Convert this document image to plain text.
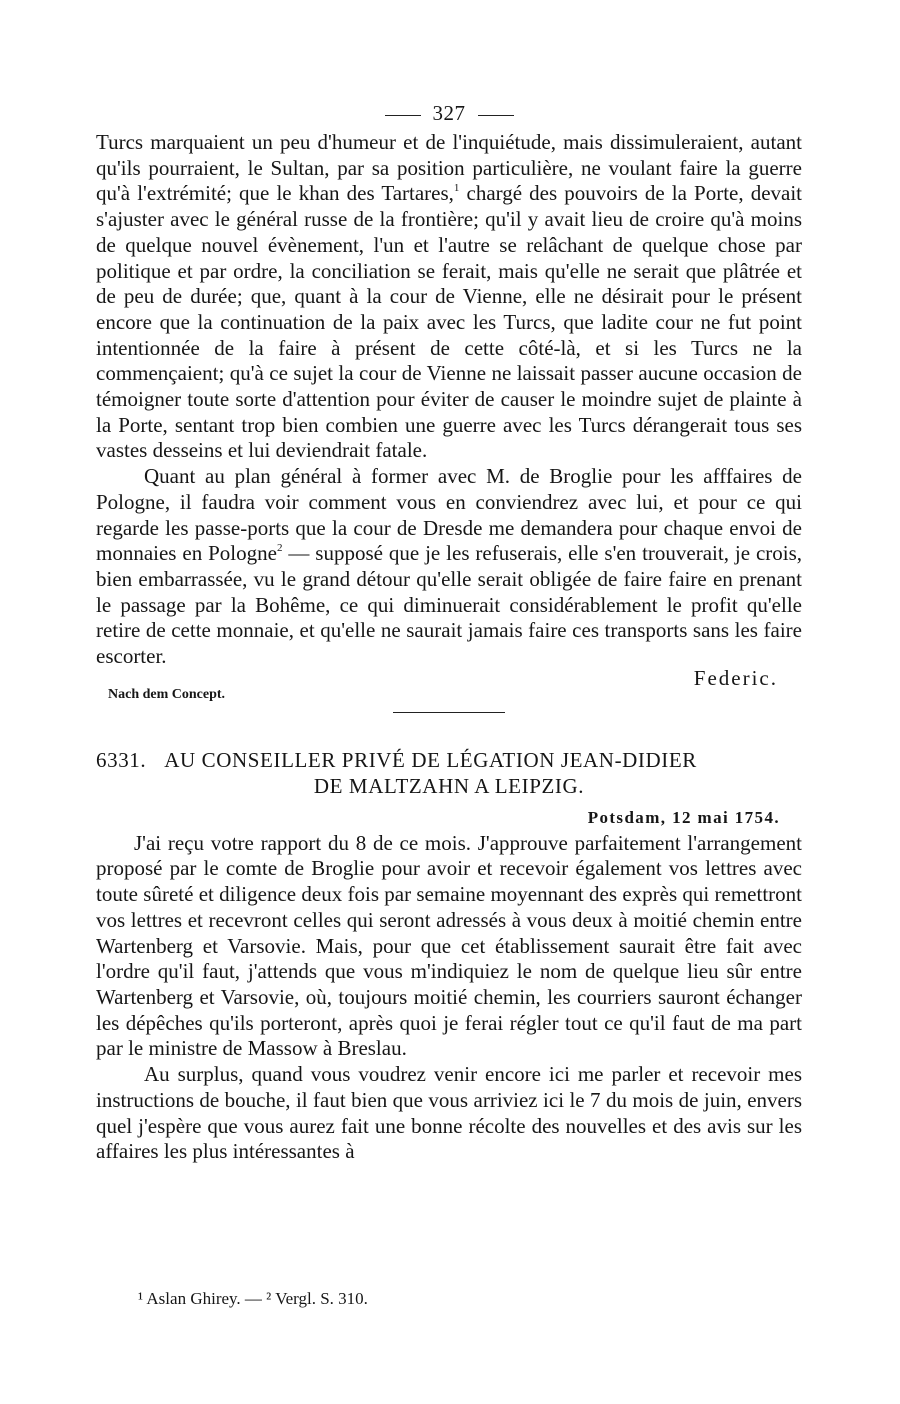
327

Turcs marquaient un peu d'humeur et de l'inquiétude, mais dissimuleraient, autant qu'ils pourraient, le Sultan, par sa position particulière, ne voulant faire la guerre qu'à l'extrémité; que le khan des Tartares,$^1$ chargé des pouvoirs de la Porte, devait s'ajuster avec le général russe de la frontière; qu'il y avait lieu de croire qu'à moins de quelque nouvel évènement, l'un et l'autre se relâchant de quelque chose par politique et par ordre, la conciliation se ferait, mais qu'elle ne serait que plâtrée et de peu de durée; que, quant à la cour de Vienne, elle ne désirait pour le présent encore que la continuation de la paix avec les Turcs, que ladite cour ne fut point intentionnée de la faire à présent de cette côté-là, et si les Turcs ne la commençaient; qu'à ce sujet la cour de Vienne ne laissait passer aucune occasion de témoigner toute sorte d'attention pour éviter de causer le moindre sujet de plainte à la Porte, sentant trop bien combien une guerre avec les Turcs dérangerait tous ses vastes desseins et lui deviendrait fatale.

Quant au plan général à former avec M. de Broglie pour les afffaires de Pologne, il faudra voir comment vous en conviendrez avec lui, et pour ce qui regarde les passe-ports que la cour de Dresde me demandera pour chaque envoi de monnaies en Pologne$^2$ — supposé que je les refuserais, elle s'en trouverait, je crois, bien embarrassée, vu le grand détour qu'elle serait obligée de faire faire en prenant le passage par la Bohême, ce qui diminuerait considérablement le profit qu'elle retire de cette monnaie, et qu'elle ne saurait jamais faire ces transports sans les faire escorter.

Federic.
Nach dem Concept.
6331. AU CONSEILLER PRIVÉ DE LÉGATION JEAN-DIDIER
DE MALTZAHN A LEIPZIG.
Potsdam, 12 mai 1754.

J'ai reçu votre rapport du 8 de ce mois. J'approuve parfaitement l'arrangement proposé par le comte de Broglie pour avoir et recevoir également vos lettres avec toute sûreté et diligence deux fois par semaine moyennant des exprès qui remettront vos lettres et recevront celles qui seront adressés à vous deux à moitié chemin entre Wartenberg et Varsovie. Mais, pour que cet établissement saurait être fait avec l'ordre qu'il faut, j'attends que vous m'indiquiez le nom de quelque lieu sûr entre Wartenberg et Varsovie, où, toujours moitié chemin, les courriers sauront échanger les dépêches qu'ils porteront, après quoi je ferai régler tout ce qu'il faut de ma part par le ministre de Massow à Breslau.

Au surplus, quand vous voudrez venir encore ici me parler et recevoir mes instructions de bouche, il faut bien que vous arriviez ici le 7 du mois de juin, envers quel j'espère que vous aurez fait une bonne récolte des nouvelles et des avis sur les affaires les plus intéressantes à

¹ Aslan Ghirey. — ² Vergl. S. 310.
